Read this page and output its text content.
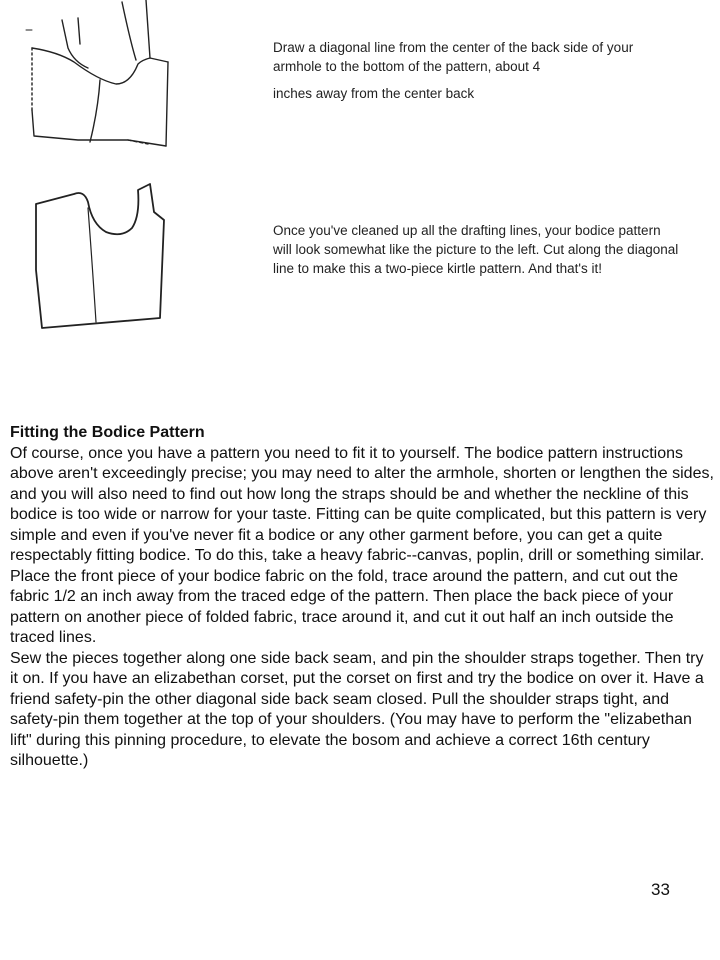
Draw a diagonal line from the center of the back side of your armhole to the bottom of the pattern, about 4
inches away from the center back
Once you've cleaned up all the drafting lines, your bodice pattern will look somewhat like the picture to the left. Cut along the diagonal line to make this a two-piece kirtle pattern. And that's it!
Fitting the Bodice Pattern
Of course, once you have a pattern you need to fit it to yourself. The bodice pattern instructions above aren't exceedingly precise; you may need to alter the armhole, shorten or lengthen the sides, and you will also need to find out how long the straps should be and whether the neckline of this bodice is too wide or narrow for your taste. Fitting can be quite complicated, but this pattern is very simple and even if you've never fit a bodice or any other garment before, you can get a quite respectably fitting bodice. To do this, take a heavy fabric--canvas, poplin, drill or something similar. Place the front piece of your bodice fabric on the fold, trace around the pattern, and cut out the fabric 1/2 an inch away from the traced edge of the pattern. Then place the back piece of your pattern on another piece of folded fabric, trace around it, and cut it out half an inch outside the traced lines.
Sew the pieces together along one side back seam, and pin the shoulder straps together. Then try it on. If you have an elizabethan corset, put the corset on first and try the bodice on over it. Have a friend safety-pin the other diagonal side back seam closed. Pull the shoulder straps tight, and safety-pin them together at the top of your shoulders. (You may have to perform the "elizabethan lift" during this pinning procedure, to elevate the bosom and achieve a correct 16th century silhouette.)
33
